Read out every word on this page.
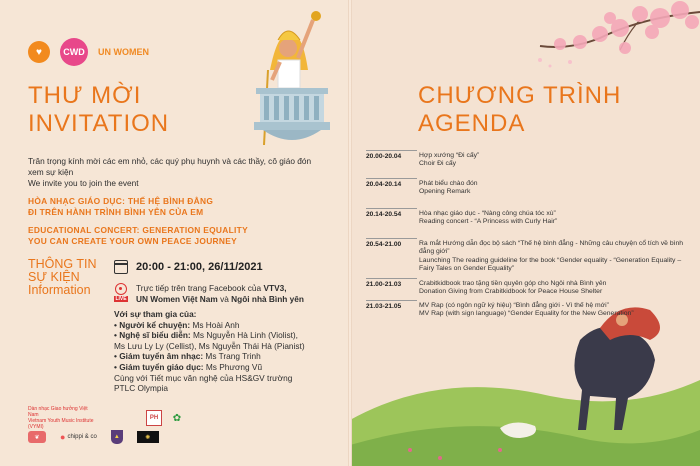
♥	CWD	UN WOMEN
THƯ MỜI
INVITATION
Trân trọng kính mời các em nhỏ, các quý phụ huynh và các thầy, cô giáo đón xem sự kiện
We invite you to join the event
HÒA NHẠC GIÁO DỤC: THẾ HỆ BÌNH ĐẲNG
ĐI TRÊN HÀNH TRÌNH BÌNH YÊN CỦA EM
EDUCATIONAL CONCERT: GENERATION EQUALITY
YOU CAN CREATE YOUR OWN PEACE JOURNEY
THÔNG TIN
SỰ KIỆN
Information
20:00 - 21:00, 26/11/2021
LIVE
Trực tiếp trên trang Facebook của VTV3,
UN Women Việt Nam và Ngôi nhà Bình yên
Với sự tham gia của:
• Người kể chuyện: Ms Hoài Anh
• Nghệ sĩ biểu diễn: Ms Nguyễn Hà Linh (Violist),
Ms Lưu Ly Ly (Cellist), Ms Nguyễn Thái Hà (Pianist)
• Giám tuyển âm nhạc: Ms Trang Trinh
• Giám tuyển giáo dục: Ms Phương Vũ
Cùng với Tiết mục văn nghệ của HS&GV trường
PTLC Olympia
Dàn nhạc Giao hưởng Việt Nam
Vietnam Youth Music Institute (VYMI)
PH	✿
❦	● chippi & co	▲	✺
CHƯƠNG TRÌNH
AGENDA
20.00-20.04	Hợp xướng “Đi cấy”
Choir Đi cấy
20.04-20.14	Phát biểu chào đón
Opening Remark
20.14-20.54	Hòa nhạc giáo dục - “Nàng công chúa tóc xù”
Reading concert - “A Princess with Curly Hair”
20.54-21.00	Ra mắt Hướng dẫn đọc bộ sách “Thế hệ bình đẳng - Những câu chuyện cổ tích về bình đẳng giới”
Launching The reading guideline for the book “Gender equality - “Generation Equality – Fairy Tales on Gender Equality”
21.00-21.03	Crabitkidbook trao tặng tiền quyên góp cho Ngôi nhà Bình yên
Donation Giving from Crabitkidbook for Peace House Shelter
21.03-21.05	MV Rap (có ngôn ngữ ký hiệu) “Bình đẳng giới - Vì thế hệ mới”
MV Rap (with sign language) “Gender Equality for the New Generation”
